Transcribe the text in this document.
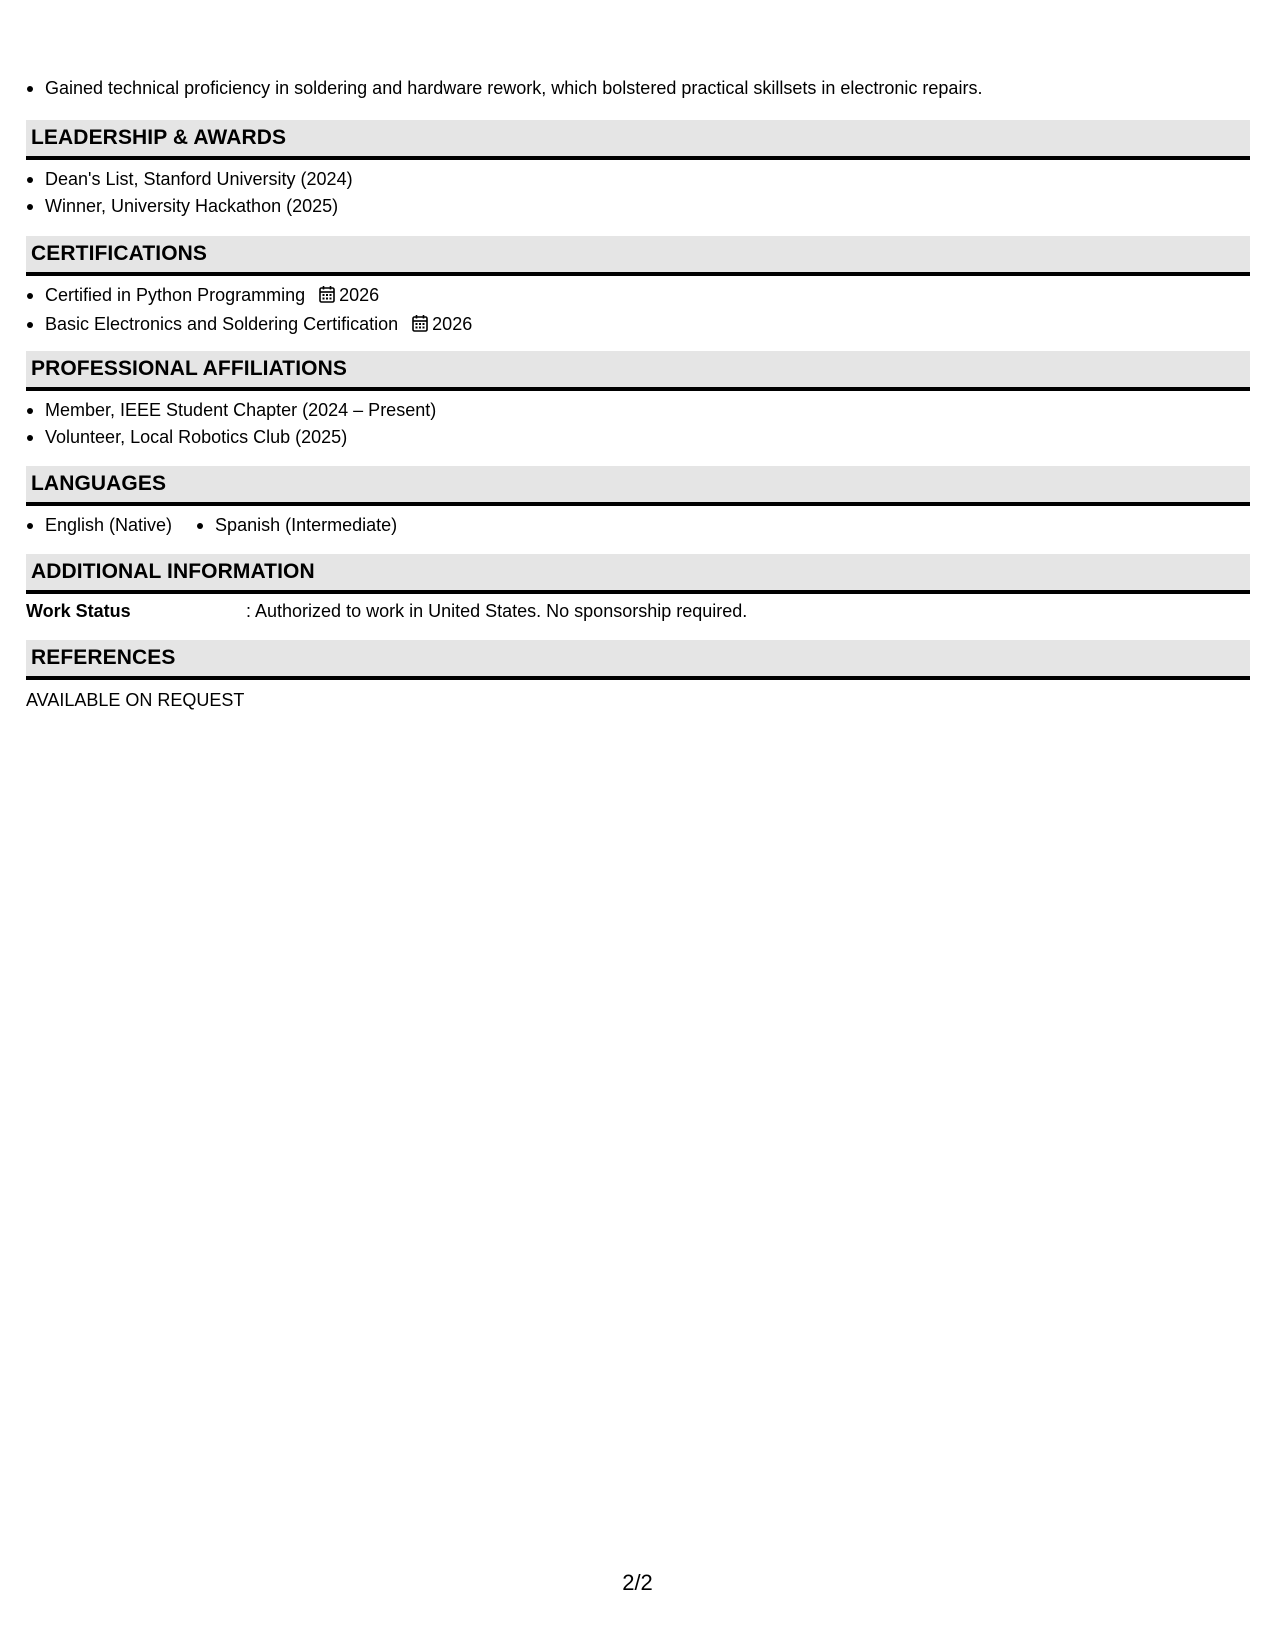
Gained technical proficiency in soldering and hardware rework, which bolstered practical skillsets in electronic repairs.
LEADERSHIP & AWARDS
Dean's List, Stanford University (2024)
Winner, University Hackathon (2025)
CERTIFICATIONS
Certified in Python Programming 2026
Basic Electronics and Soldering Certification 2026
PROFESSIONAL AFFILIATIONS
Member, IEEE Student Chapter (2024 – Present)
Volunteer, Local Robotics Club (2025)
LANGUAGES
English (Native)	Spanish (Intermediate)
ADDITIONAL INFORMATION
Work Status	: Authorized to work in United States. No sponsorship required.
REFERENCES
AVAILABLE ON REQUEST
2/2
